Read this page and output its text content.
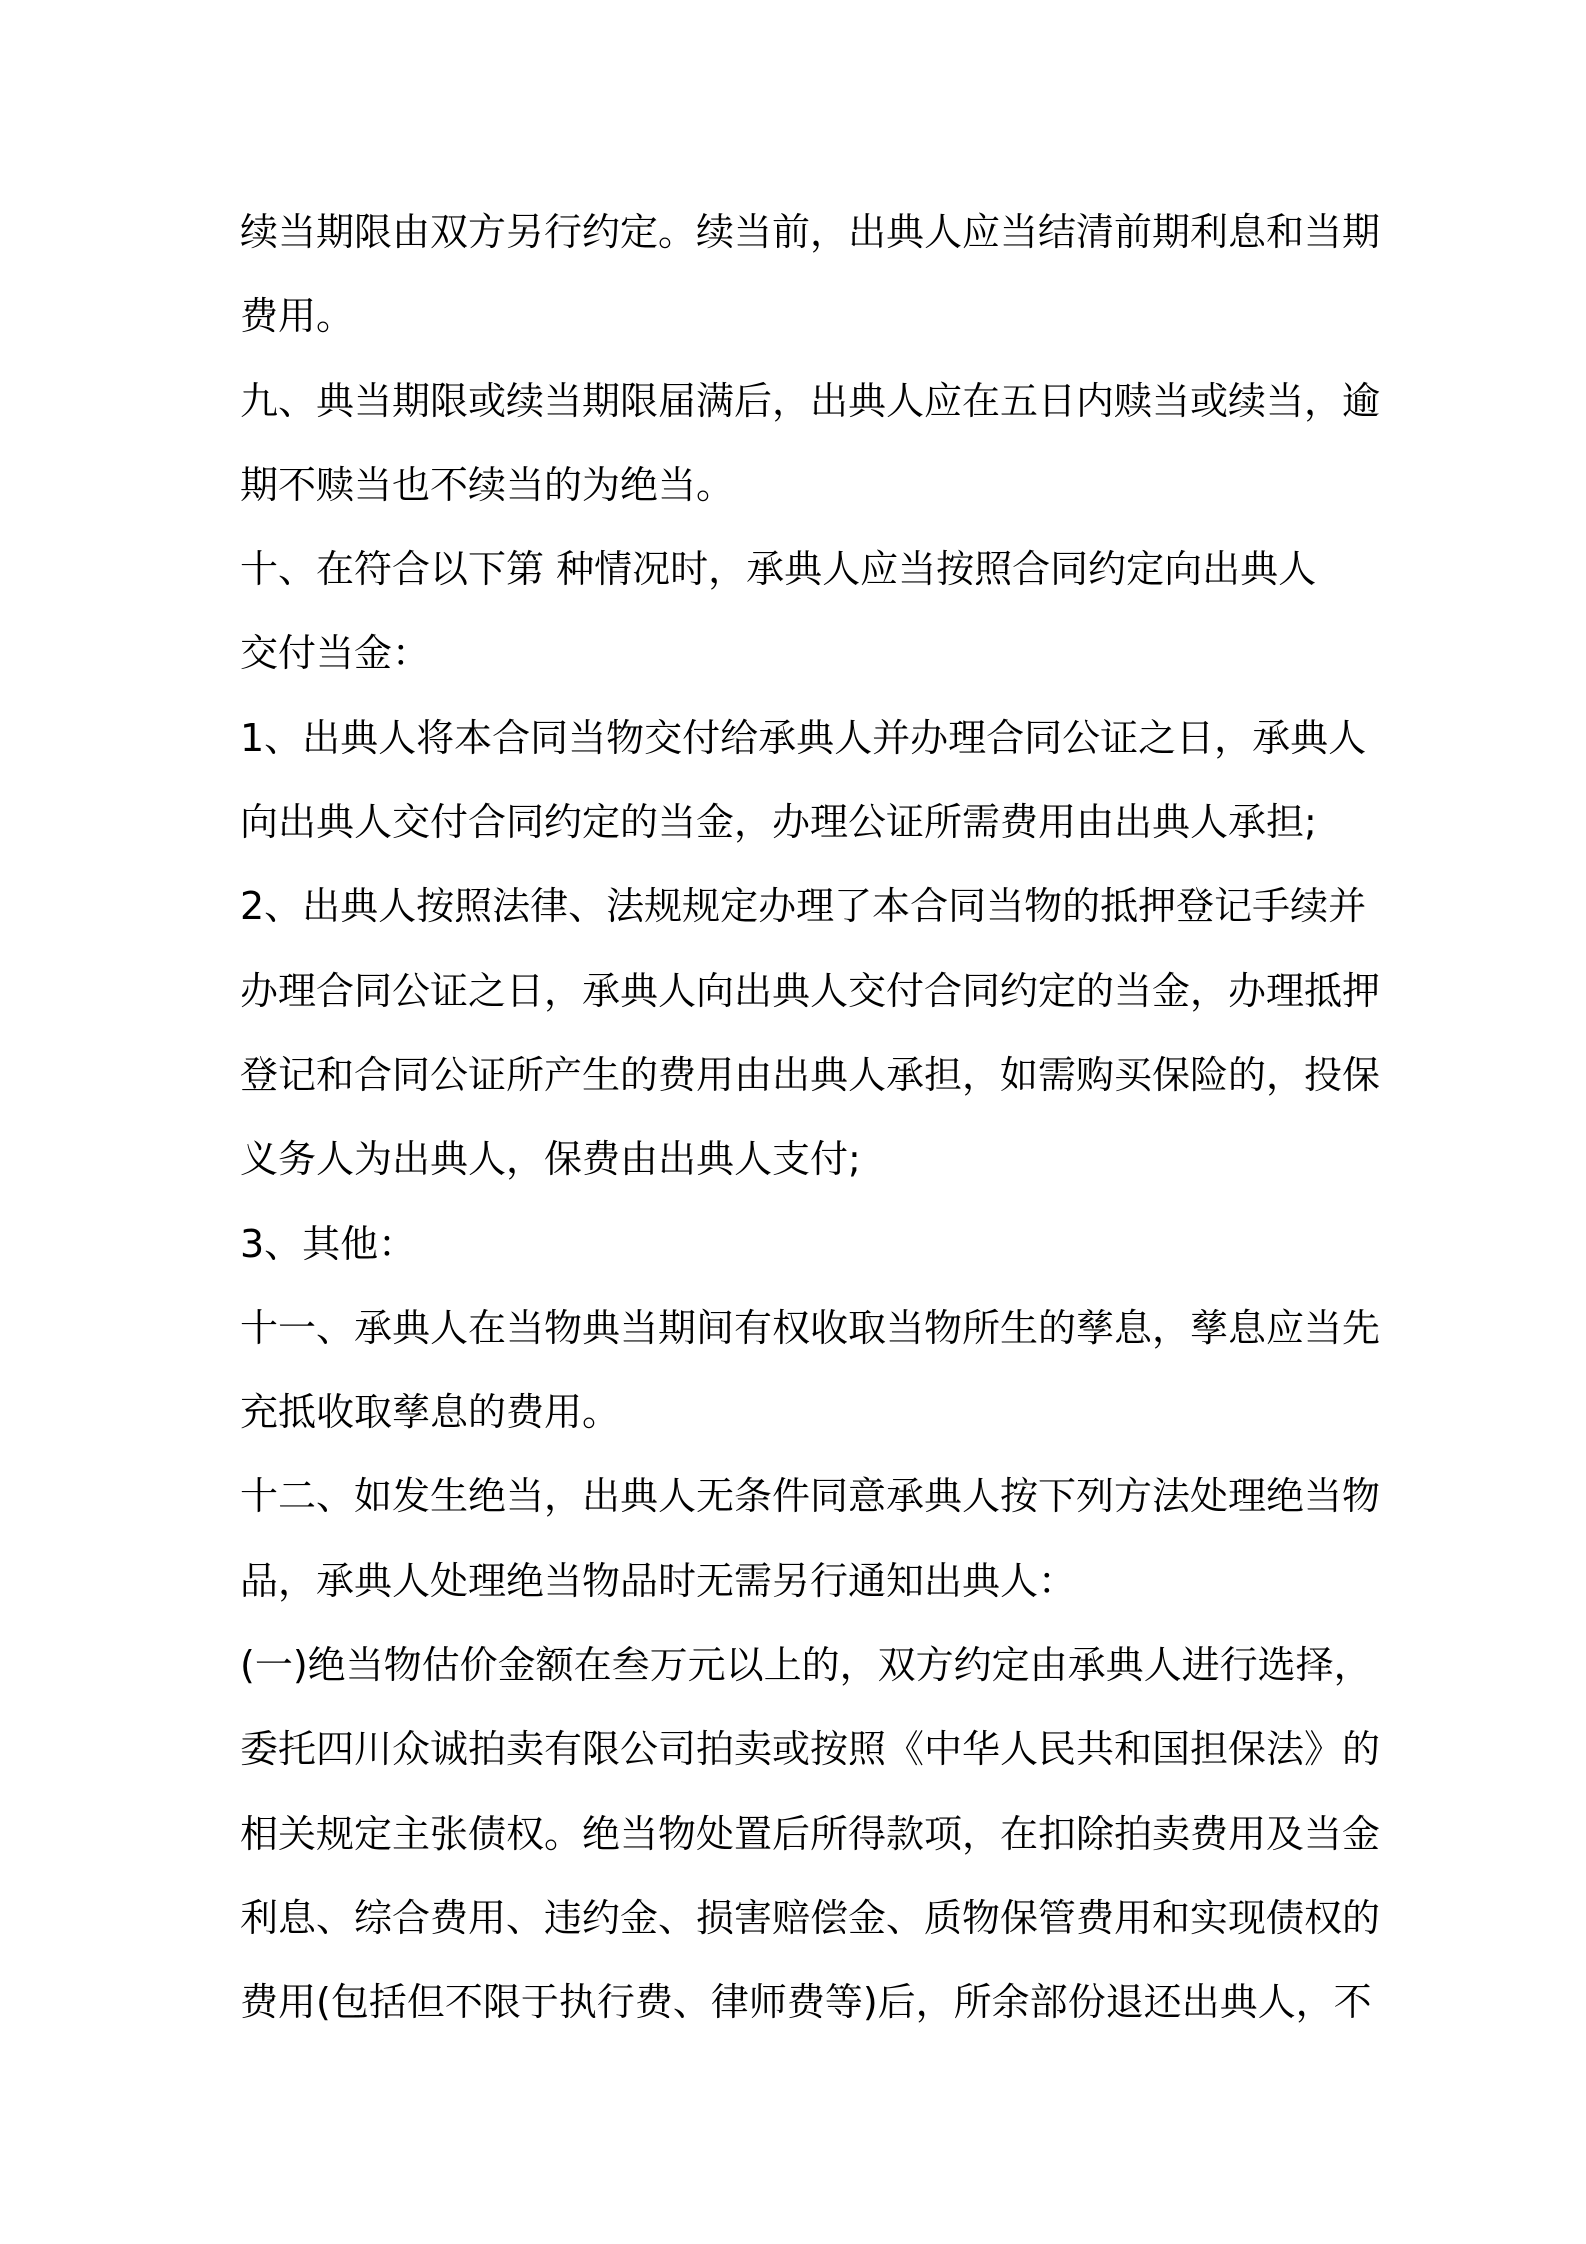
续当期限由双方另行约定。续当前，出典人应当结清前期利息和当期
费用。
九、典当期限或续当期限届满后，出典人应在五日内赎当或续当，逾
期不赎当也不续当的为绝当。
十、在符合以下第 种情况时，承典人应当按照合同约定向出典人
交付当金：
1、出典人将本合同当物交付给承典人并办理合同公证之日，承典人
向出典人交付合同约定的当金，办理公证所需费用由出典人承担;
2、出典人按照法律、法规规定办理了本合同当物的抵押登记手续并
办理合同公证之日，承典人向出典人交付合同约定的当金，办理抵押
登记和合同公证所产生的费用由出典人承担，如需购买保险的，投保
义务人为出典人，保费由出典人支付;
3、其他：
十一、承典人在当物典当期间有权收取当物所生的孳息，孳息应当先
充抵收取孳息的费用。
十二、如发生绝当，出典人无条件同意承典人按下列方法处理绝当物
品，承典人处理绝当物品时无需另行通知出典人：
(一)绝当物估价金额在叁万元以上的，双方约定由承典人进行选择，
委托四川众诚拍卖有限公司拍卖或按照《中华人民共和国担保法》的
相关规定主张债权。绝当物处置后所得款项，在扣除拍卖费用及当金
利息、综合费用、违约金、损害赔偿金、质物保管费用和实现债权的
费用(包括但不限于执行费、律师费等)后，所余部份退还出典人，不
